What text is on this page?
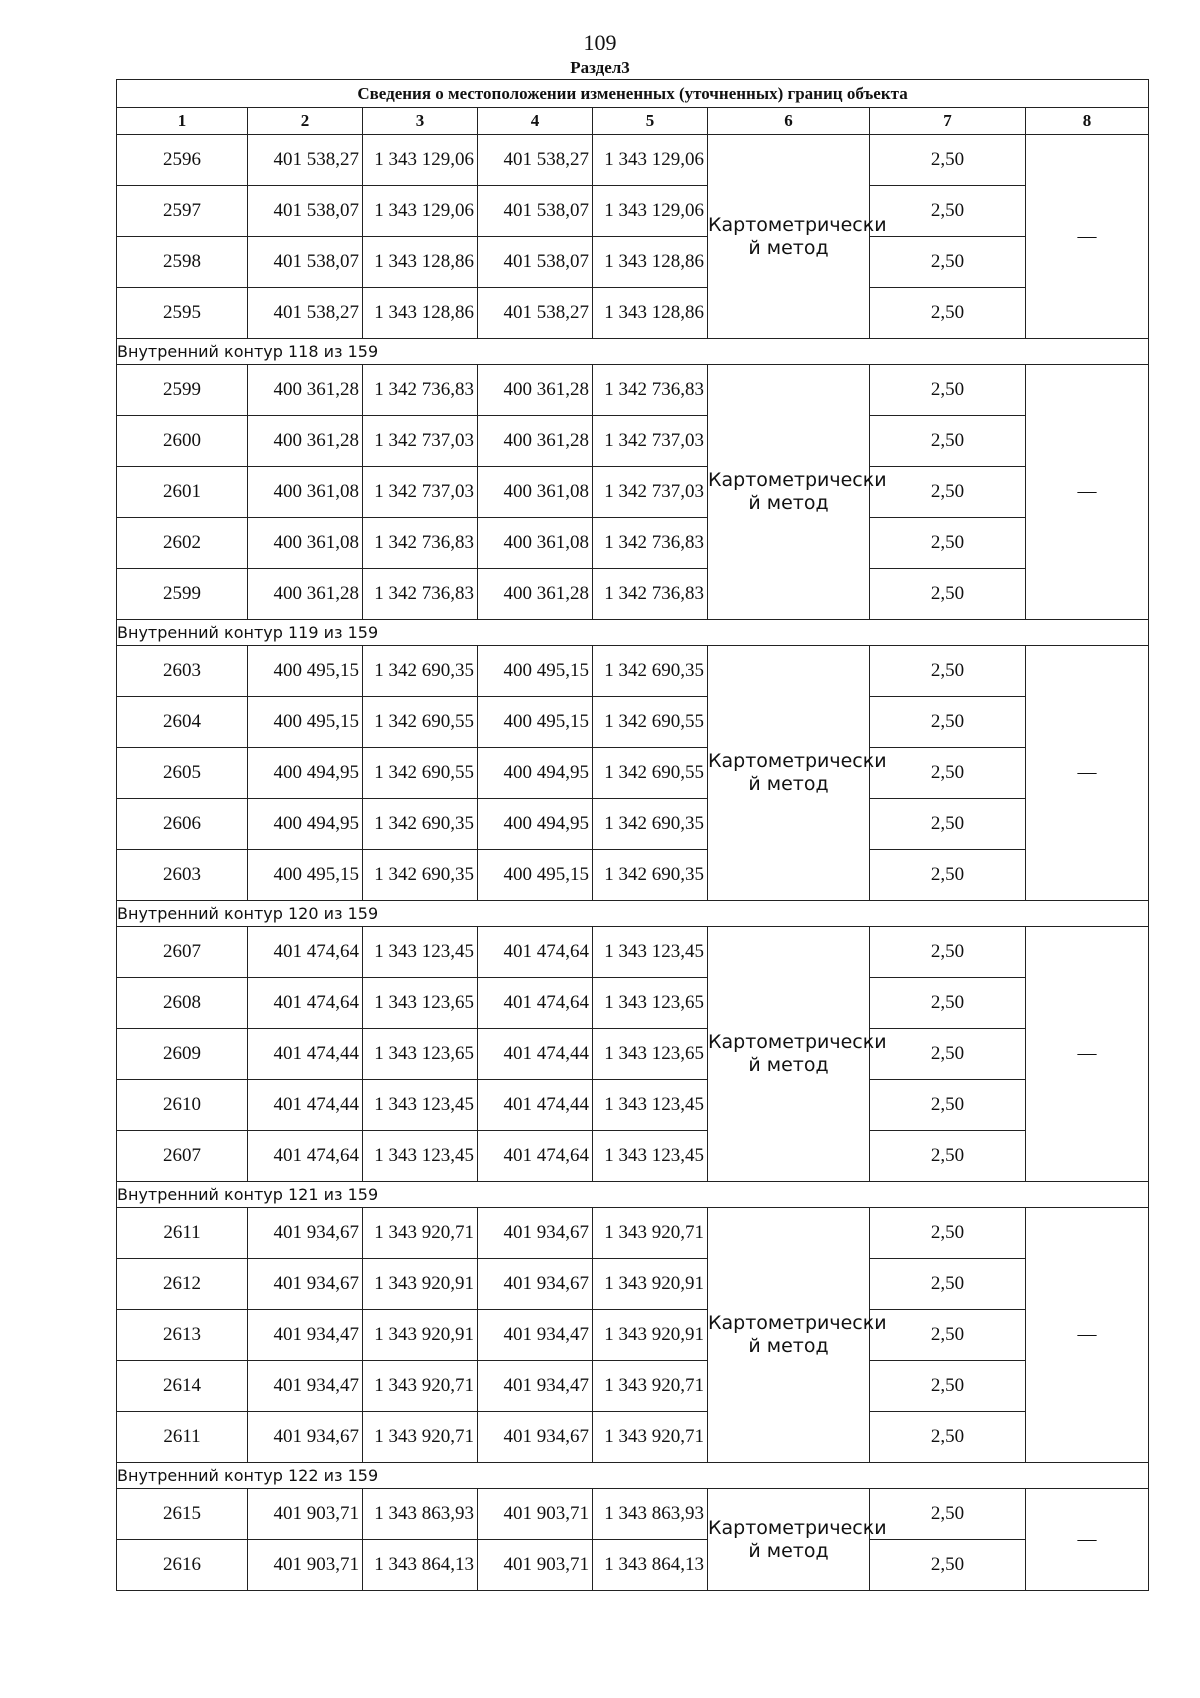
109
Раздел3
Сведения о местоположении измененных (уточненных) границ объекта							
1	2	3	4	5	6	7	8
2596	401 538,27	1 343 129,06	401 538,27	1 343 129,06	Картометрически й метод	2,50	—
2597	401 538,07	1 343 129,06	401 538,07	1 343 129,06		2,50	
2598	401 538,07	1 343 128,86	401 538,07	1 343 128,86		2,50	
2595	401 538,27	1 343 128,86	401 538,27	1 343 128,86		2,50	
Внутренний контур 118 из 159							
2599	400 361,28	1 342 736,83	400 361,28	1 342 736,83	Картометрически й метод	2,50	—
2600	400 361,28	1 342 737,03	400 361,28	1 342 737,03		2,50	
2601	400 361,08	1 342 737,03	400 361,08	1 342 737,03		2,50	
2602	400 361,08	1 342 736,83	400 361,08	1 342 736,83		2,50	
2599	400 361,28	1 342 736,83	400 361,28	1 342 736,83		2,50	
Внутренний контур 119 из 159							
2603	400 495,15	1 342 690,35	400 495,15	1 342 690,35	Картометрически й метод	2,50	—
2604	400 495,15	1 342 690,55	400 495,15	1 342 690,55		2,50	
2605	400 494,95	1 342 690,55	400 494,95	1 342 690,55		2,50	
2606	400 494,95	1 342 690,35	400 494,95	1 342 690,35		2,50	
2603	400 495,15	1 342 690,35	400 495,15	1 342 690,35		2,50	
Внутренний контур 120 из 159							
2607	401 474,64	1 343 123,45	401 474,64	1 343 123,45	Картометрически й метод	2,50	—
2608	401 474,64	1 343 123,65	401 474,64	1 343 123,65		2,50	
2609	401 474,44	1 343 123,65	401 474,44	1 343 123,65		2,50	
2610	401 474,44	1 343 123,45	401 474,44	1 343 123,45		2,50	
2607	401 474,64	1 343 123,45	401 474,64	1 343 123,45		2,50	
Внутренний контур 121 из 159							
2611	401 934,67	1 343 920,71	401 934,67	1 343 920,71	Картометрически й метод	2,50	—
2612	401 934,67	1 343 920,91	401 934,67	1 343 920,91		2,50	
2613	401 934,47	1 343 920,91	401 934,47	1 343 920,91		2,50	
2614	401 934,47	1 343 920,71	401 934,47	1 343 920,71		2,50	
2611	401 934,67	1 343 920,71	401 934,67	1 343 920,71		2,50	
Внутренний контур 122 из 159							
2615	401 903,71	1 343 863,93	401 903,71	1 343 863,93	Картометрически й метод	2,50	—
2616	401 903,71	1 343 864,13	401 903,71	1 343 864,13		2,50	
